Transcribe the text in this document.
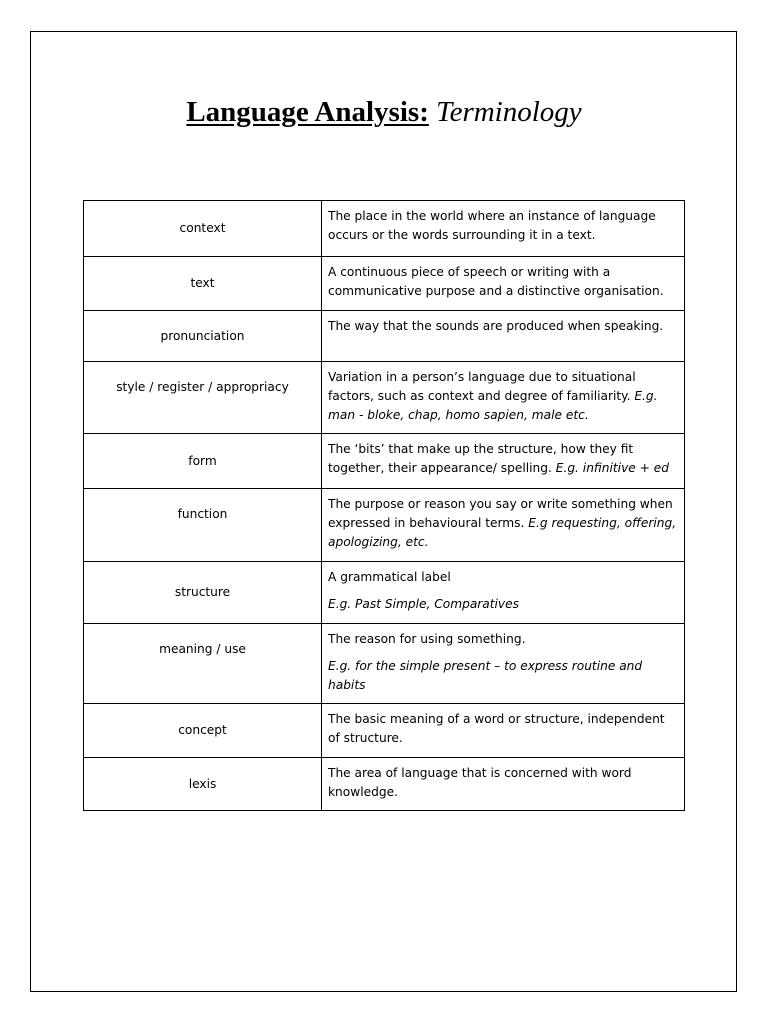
Language Analysis: Terminology
context	The place in the world where an instance of language occurs or the words surrounding it in a text.

text	A continuous piece of speech or writing with a communicative purpose and a distinctive organisation.

pronunciation	The way that the sounds are produced when speaking.

style / register / appropriacy	Variation in a person’s language due to situational factors, such as context and degree of familiarity. E.g. man - bloke, chap, homo sapien, male etc.

form	The ‘bits’ that make up the structure, how they fit together, their appearance/ spelling. E.g. infinitive + ed

function	The purpose or reason you say or write something when expressed in behavioural terms. E.g requesting, offering, apologizing, etc.

structure	A grammatical label

E.g. Past Simple, Comparatives

meaning / use	The reason for using something.

E.g. for the simple present – to express routine and habits

concept	The basic meaning of a word or structure, independent of structure.

lexis	The area of language that is concerned with word knowledge.
